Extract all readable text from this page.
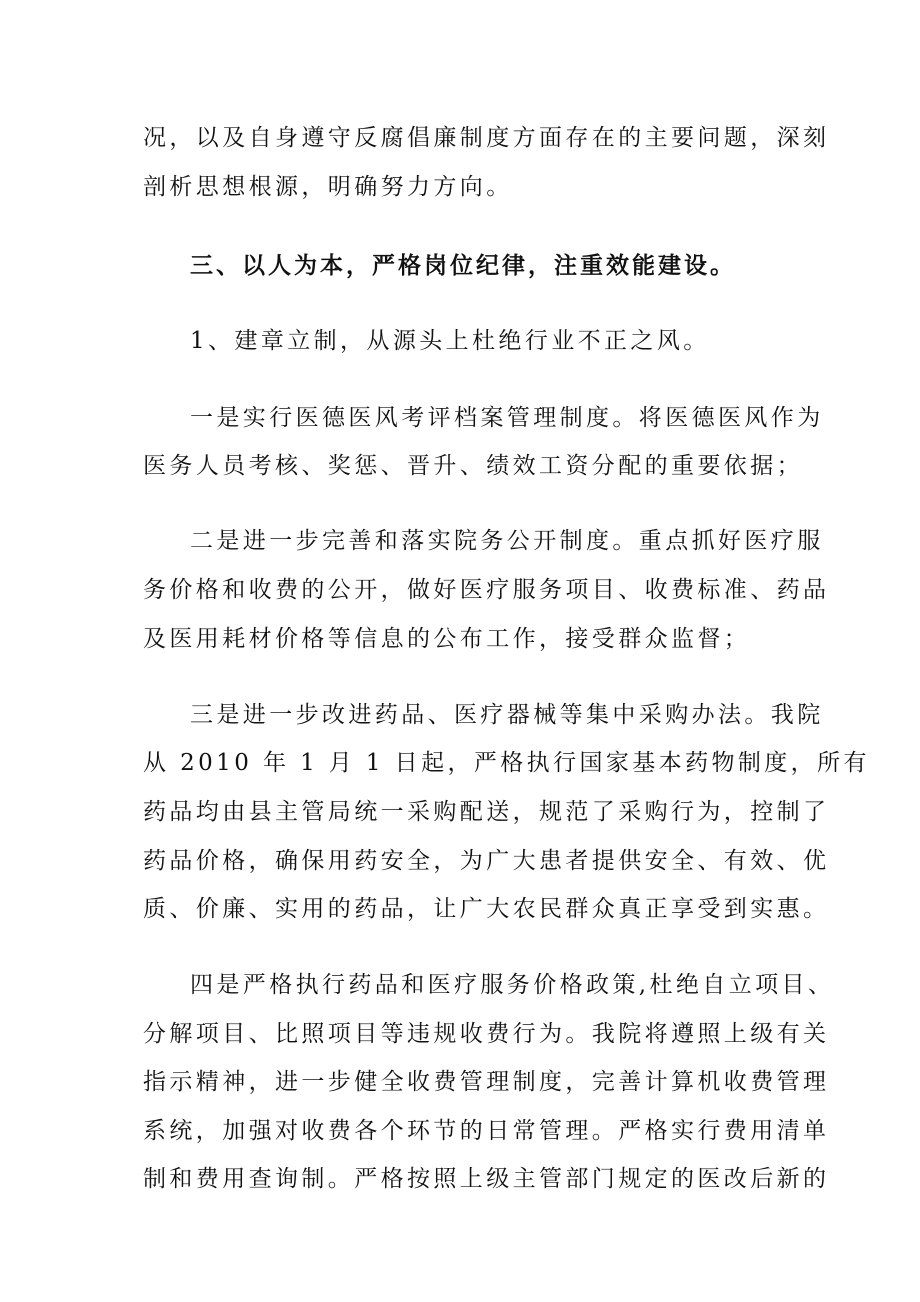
况，以及自身遵守反腐倡廉制度方面存在的主要问题，深刻

剖析思想根源，明确努力方向。

三、以人为本，严格岗位纪律，注重效能建设。

1、建章立制，从源头上杜绝行业不正之风。

一是实行医德医风考评档案管理制度。将医德医风作为

医务人员考核、奖惩、晋升、绩效工资分配的重要依据；

二是进一步完善和落实院务公开制度。重点抓好医疗服

务价格和收费的公开，做好医疗服务项目、收费标准、药品

及医用耗材价格等信息的公布工作，接受群众监督；

三是进一步改进药品、医疗器械等集中采购办法。我院

从 2010 年 1 月 1 日起，严格执行国家基本药物制度，所有

药品均由县主管局统一采购配送，规范了采购行为，控制了

药品价格，确保用药安全，为广大患者提供安全、有效、优

质、价廉、实用的药品，让广大农民群众真正享受到实惠。

四是严格执行药品和医疗服务价格政策,杜绝自立项目、

分解项目、比照项目等违规收费行为。我院将遵照上级有关

指示精神，进一步健全收费管理制度，完善计算机收费管理

系统，加强对收费各个环节的日常管理。严格实行费用清单

制和费用查询制。严格按照上级主管部门规定的医改后新的
